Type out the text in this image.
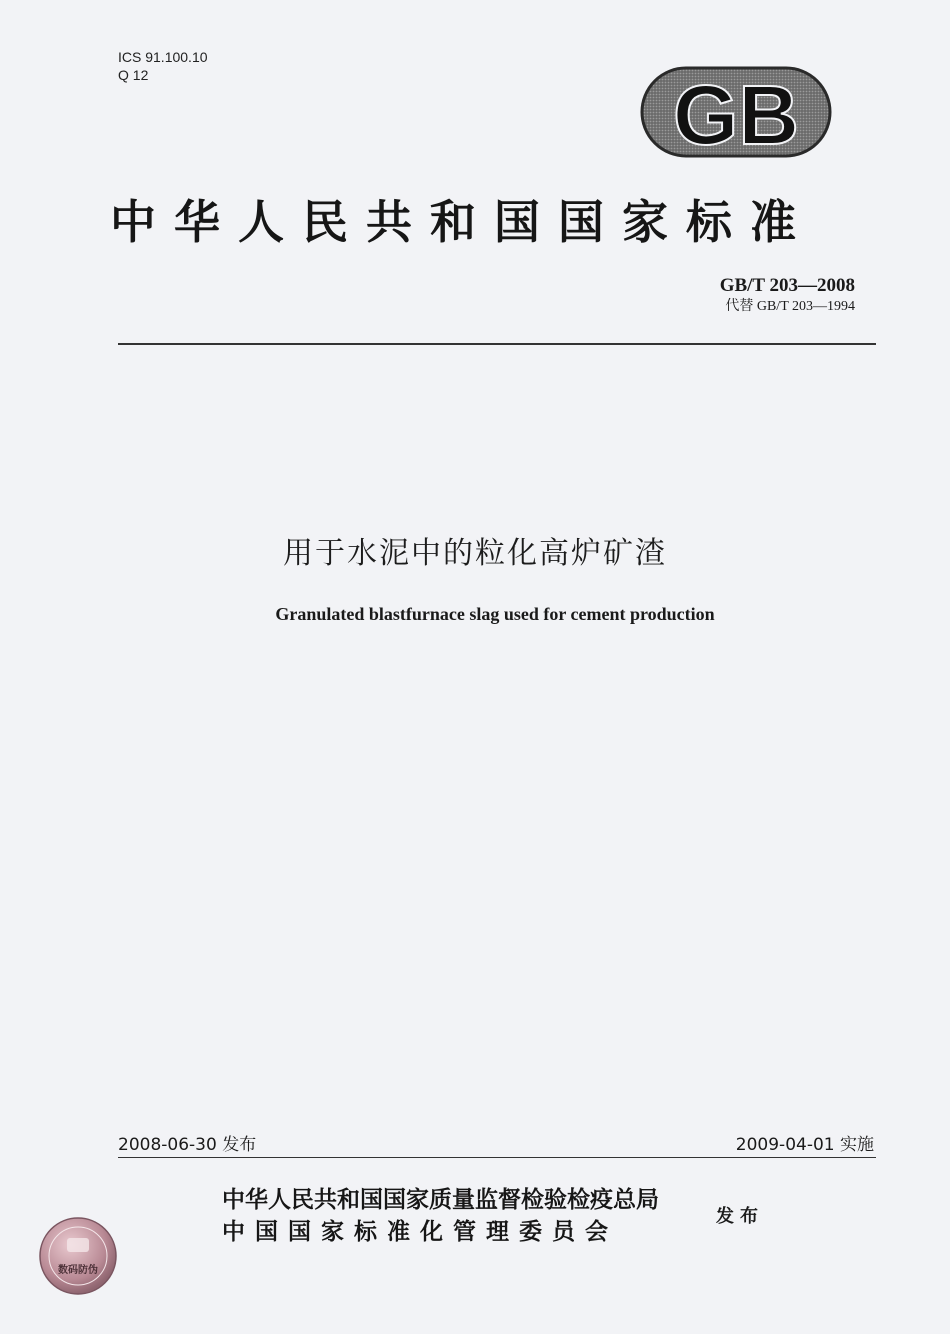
ICS 91.100.10
Q 12	GB
中华人民共和国国家标准
GB/T 203—2008
代替 GB/T 203—1994
用于水泥中的粒化高炉矿渣
Granulated blastfurnace slag used for cement production
2008-06-30 发布	2009-04-01 实施
中华人民共和国国家质量监督检验检疫总局
中国国家标准化管理委员会
发布
数码防伪
